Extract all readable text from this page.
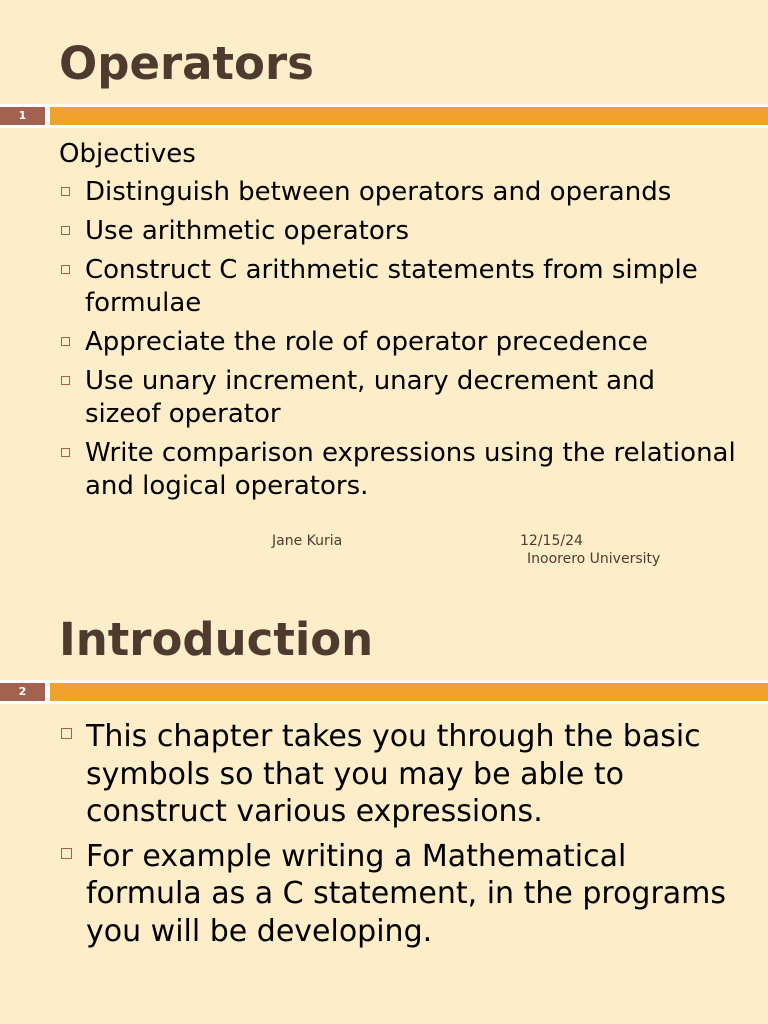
Operators
1

Objectives

Distinguish between operators and operands
Use arithmetic operators
Construct C arithmetic statements from simple formulae
Appreciate the role of operator precedence
Use unary increment, unary decrement and sizeof operator
Write comparison expressions using the relational and logical operators.
Jane Kuria	12/15/24
Inoorero University
Introduction
2
This chapter takes you through the basic symbols so that you may be able to construct various expressions.
For example writing a Mathematical formula as a C statement, in the programs you will be developing.
